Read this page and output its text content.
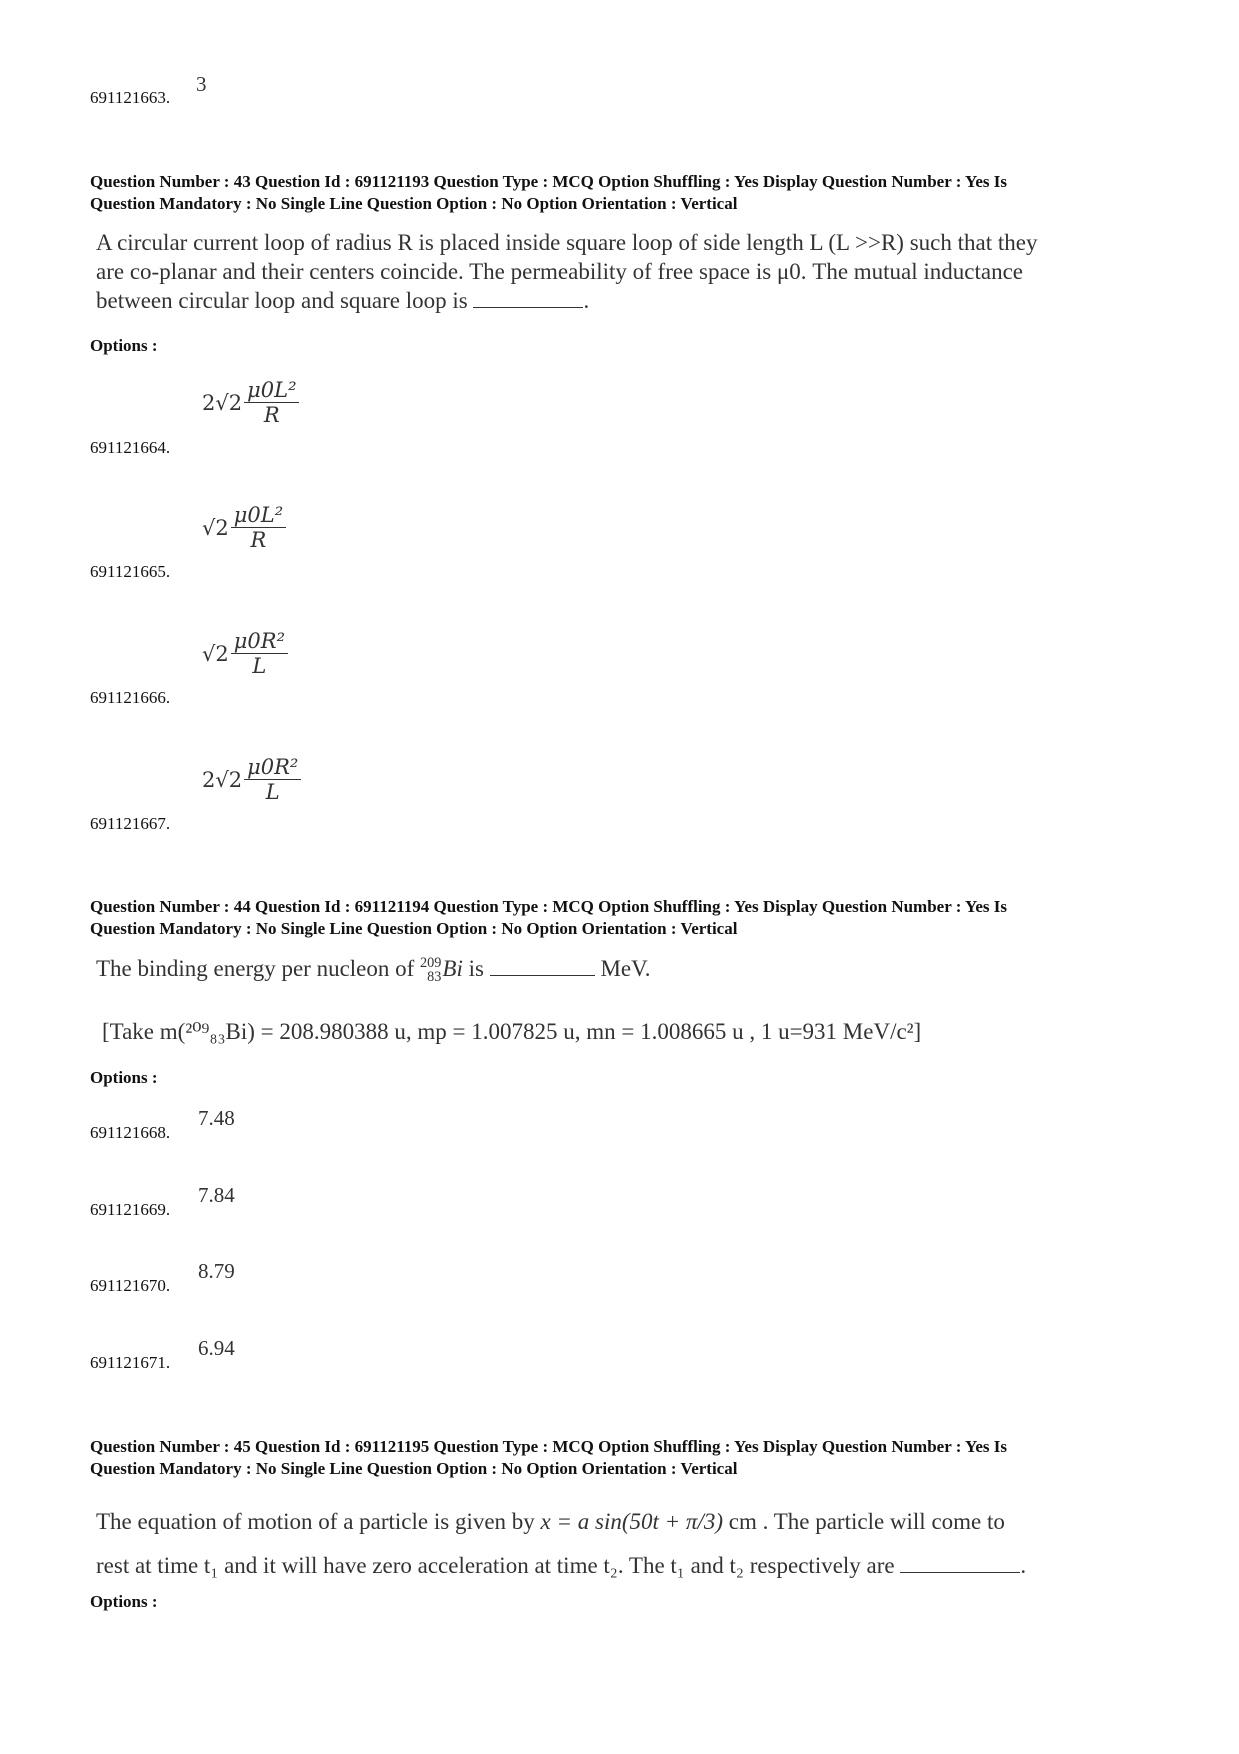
691121663.
3
Question Number : 43 Question Id : 691121193 Question Type : MCQ Option Shuffling : Yes Display Question Number : Yes Is
Question Mandatory : No Single Line Question Option : No Option Orientation : Vertical
A circular current loop of radius R is placed inside square loop of side length L (L >>R) such that they
are co-planar and their centers coincide. The permeability of free space is μ0. The mutual inductance
between circular loop and square loop is	.
Options :
$2√2 \frac{\text{μ0L²}}{R}$
691121664.
$√2 \frac{\text{μ0L²}}{R}$
691121665.
$√2 \frac{\text{μ0R²}}{L}$
691121666.
$2√2 \frac{\text{μ0R²}}{L}$
691121667.
Question Number : 44 Question Id : 691121194 Question Type : MCQ Option Shuffling : Yes Display Question Number : Yes Is
Question Mandatory : No Single Line Question Option : No Option Orientation : Vertical
The binding energy per nucleon of 209
83 Bi is	MeV.
[Take m(²⁰⁹₈₃Bi) = 208.980388 u, mp = 1.007825 u, mn = 1.008665 u , 1 u=931 MeV/c²]
Options :
691121668.
7.48
691121669.
7.84
691121670.
8.79
691121671.
6.94
Question Number : 45 Question Id : 691121195 Question Type : MCQ Option Shuffling : Yes Display Question Number : Yes Is
Question Mandatory : No Single Line Question Option : No Option Orientation : Vertical
The equation of motion of a particle is given by x = a sin(50t + π/3) cm . The particle will come to
rest at time t₁ and it will have zero acceleration at time t₂. The t₁ and t₂ respectively are	.
Options :
